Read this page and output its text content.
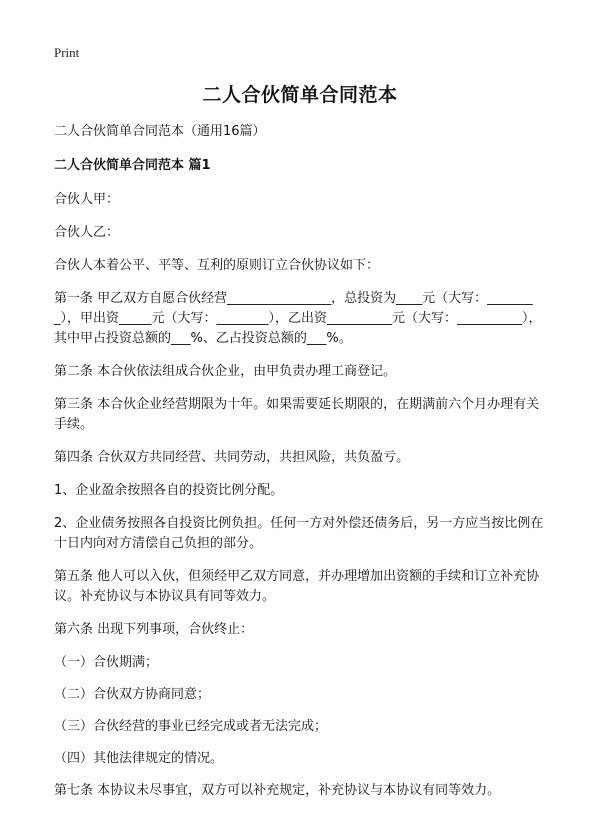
Print
二人合伙简单合同范本

二人合伙简单合同范本（通用16篇）

二人合伙简单合同范本 篇1

合伙人甲：

合伙人乙：

合伙人本着公平、平等、互利的原则订立合伙协议如下：

第一条 甲乙双方自愿合伙经营________________，总投资为____元（大写：________），甲出资_____元（大写：________），乙出资__________元（大写：__________），其中甲占投资总额的___%、乙占投资总额的___%。

第二条 本合伙依法组成合伙企业，由甲负责办理工商登记。

第三条 本合伙企业经营期限为十年。如果需要延长期限的，在期满前六个月办理有关手续。

第四条 合伙双方共同经营、共同劳动，共担风险，共负盈亏。

1、企业盈余按照各自的投资比例分配。

2、企业债务按照各自投资比例负担。任何一方对外偿还债务后，另一方应当按比例在十日内向对方清偿自己负担的部分。

第五条 他人可以入伙，但须经甲乙双方同意，并办理增加出资额的手续和订立补充协议。补充协议与本协议具有同等效力。

第六条 出现下列事项，合伙终止：

（一）合伙期满；

（二）合伙双方协商同意；

（三）合伙经营的事业已经完成或者无法完成；

（四）其他法律规定的情况。

第七条 本协议未尽事宜，双方可以补充规定，补充协议与本协议有同等效力。
